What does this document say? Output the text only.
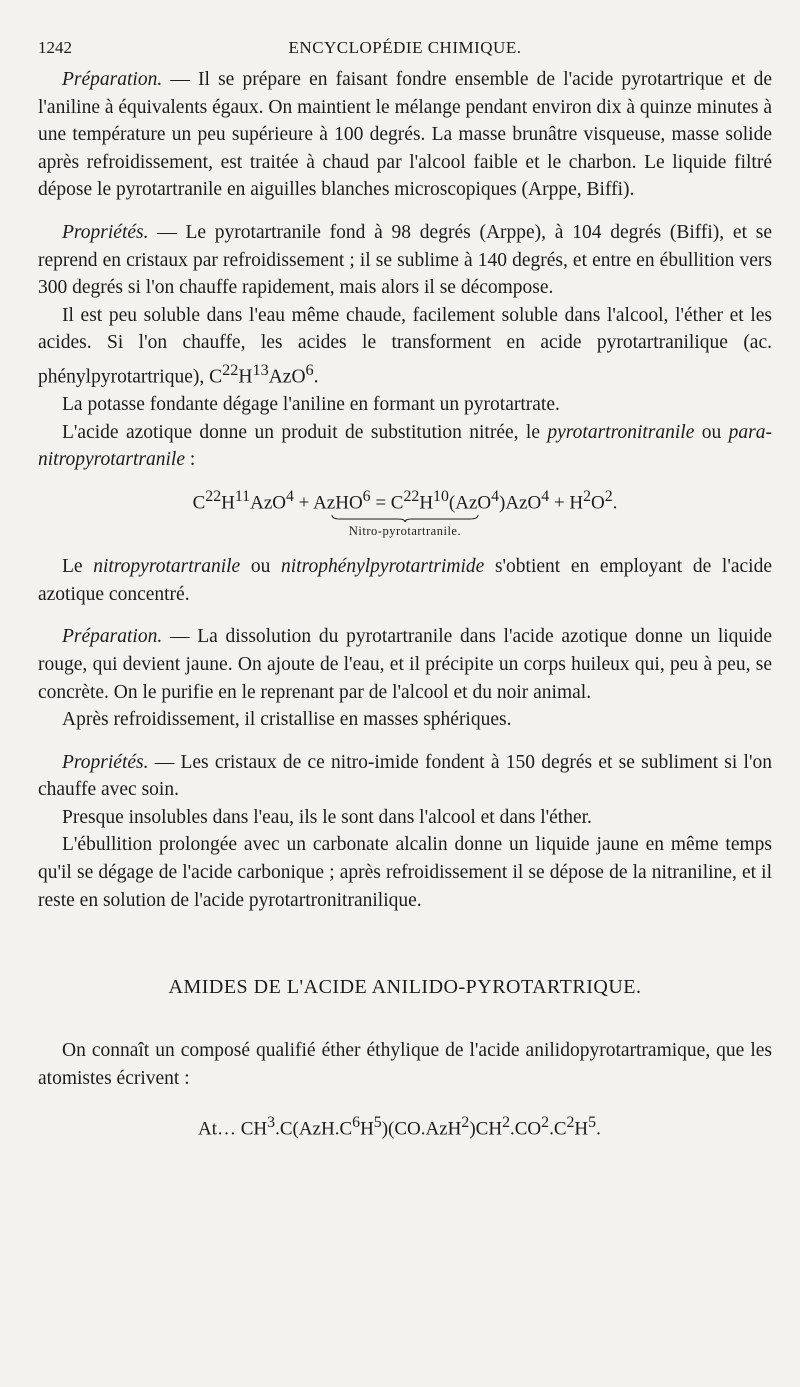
1242	ENCYCLOPÉDIE CHIMIQUE.

Préparation. — Il se prépare en faisant fondre ensemble de l'acide pyrotartrique et de l'aniline à équivalents égaux. On maintient le mélange pendant environ dix à quinze minutes à une température un peu supérieure à 100 degrés. La masse brunâtre visqueuse, masse solide après refroidissement, est traitée à chaud par l'alcool faible et le charbon. Le liquide filtré dépose le pyrotartranile en aiguilles blanches microscopiques (Arppe, Biffi).

Propriétés. — Le pyrotartranile fond à 98 degrés (Arppe), à 104 degrés (Biffi), et se reprend en cristaux par refroidissement ; il se sublime à 140 degrés, et entre en ébullition vers 300 degrés si l'on chauffe rapidement, mais alors il se décompose.

Il est peu soluble dans l'eau même chaude, facilement soluble dans l'alcool, l'éther et les acides. Si l'on chauffe, les acides le transforment en acide pyrotartranilique (ac. phénylpyrotartrique), $C^{22}H^{13}AzO^6$.

La potasse fondante dégage l'aniline en formant un pyrotartrate.

L'acide azotique donne un produit de substitution nitrée, le pyrotartronitranile ou para-nitropyrotartranile :

$C^{22}H^{11}AzO^4$ + AzHO$^6$ = $C^{22}H^{10}(AzO^4)AzO^4 + H^2O^2$.
Nitro-pyrotartranile.

Le nitropyrotartranile ou nitrophénylpyrotartrimide s'obtient en employant de l'acide azotique concentré.

Préparation. — La dissolution du pyrotartranile dans l'acide azotique donne un liquide rouge, qui devient jaune. On ajoute de l'eau, et il précipite un corps huileux qui, peu à peu, se concrète. On le purifie en le reprenant par de l'alcool et du noir animal.

Après refroidissement, il cristallise en masses sphériques.

Propriétés. — Les cristaux de ce nitro-imide fondent à 150 degrés et se subliment si l'on chauffe avec soin.

Presque insolubles dans l'eau, ils le sont dans l'alcool et dans l'éther.

L'ébullition prolongée avec un carbonate alcalin donne un liquide jaune en même temps qu'il se dégage de l'acide carbonique ; après refroidissement il se dépose de la nitraniline, et il reste en solution de l'acide pyrotartronitranilique.

AMIDES DE L'ACIDE ANILIDO-PYROTARTRIQUE.

On connaît un composé qualifié éther éthylique de l'acide anilidopyrotartramique, que les atomistes écrivent :

At… $CH^3.C(AzH.C^6H^5)(CO.AzH^2)CH^2.CO^2.C^2H^5$.
